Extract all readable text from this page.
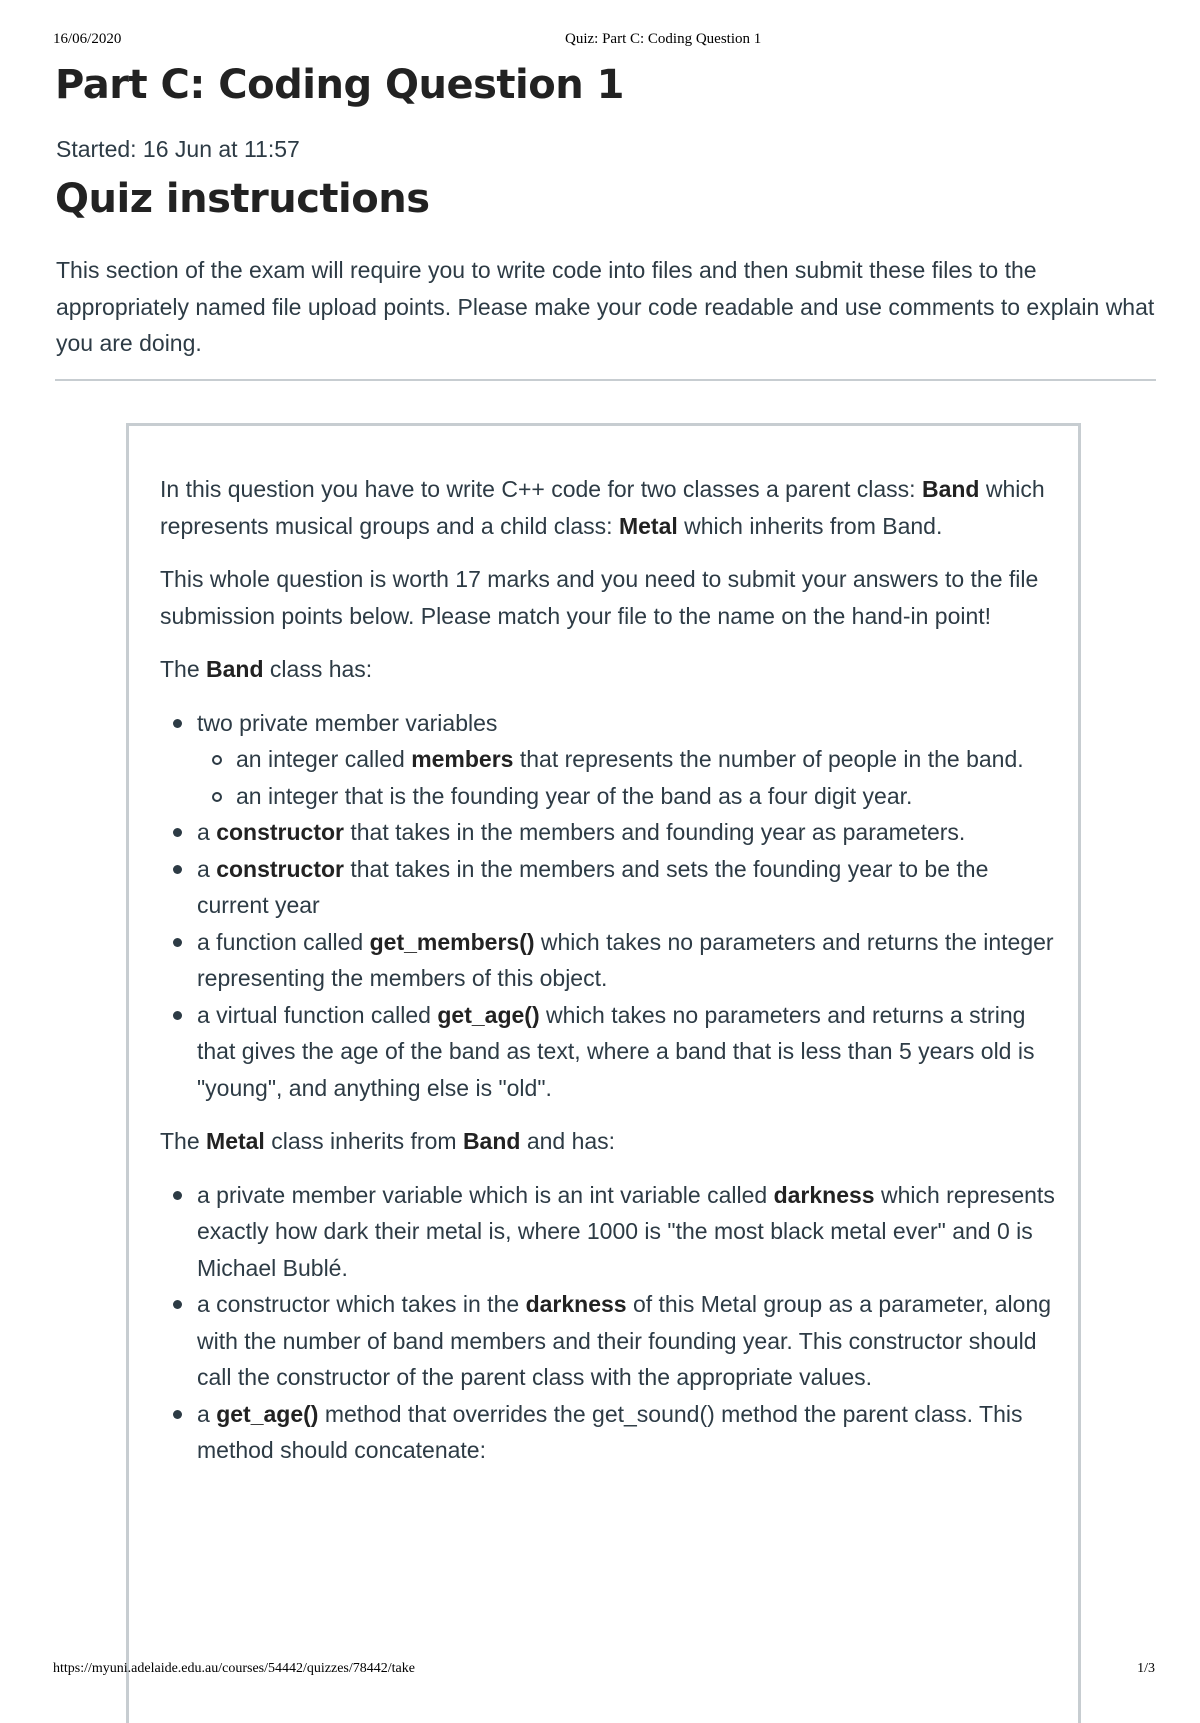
16/06/2020	Quiz: Part C: Coding Question 1
Part C: Coding Question 1
Started: 16 Jun at 11:57
Quiz instructions

This section of the exam will require you to write code into files and then submit these files to the appropriately named file upload points. Please make your code readable and use comments to explain what you are doing.

In this question you have to write C++ code for two classes a parent class: Band which represents musical groups and a child class: Metal which inherits from Band.

This whole question is worth 17 marks and you need to submit your answers to the file submission points below. Please match your file to the name on the hand-in point!

The Band class has:

two private member variables
an integer called members that represents the number of people in the band.
an integer that is the founding year of the band as a four digit year.
a constructor that takes in the members and founding year as parameters.
a constructor that takes in the members and sets the founding year to be the current year
a function called get_members() which takes no parameters and returns the integer representing the members of this object.
a virtual function called get_age() which takes no parameters and returns a string that gives the age of the band as text, where a band that is less than 5 years old is "young", and anything else is "old".

The Metal class inherits from Band and has:

a private member variable which is an int variable called darkness which represents exactly how dark their metal is, where 1000 is "the most black metal ever" and 0 is Michael Bublé.
a constructor which takes in the darkness of this Metal group as a parameter, along with the number of band members and their founding year. This constructor should call the constructor of the parent class with the appropriate values.
a get_age() method that overrides the get_sound() method the parent class. This method should concatenate:
https://myuni.adelaide.edu.au/courses/54442/quizzes/78442/take	1/3
